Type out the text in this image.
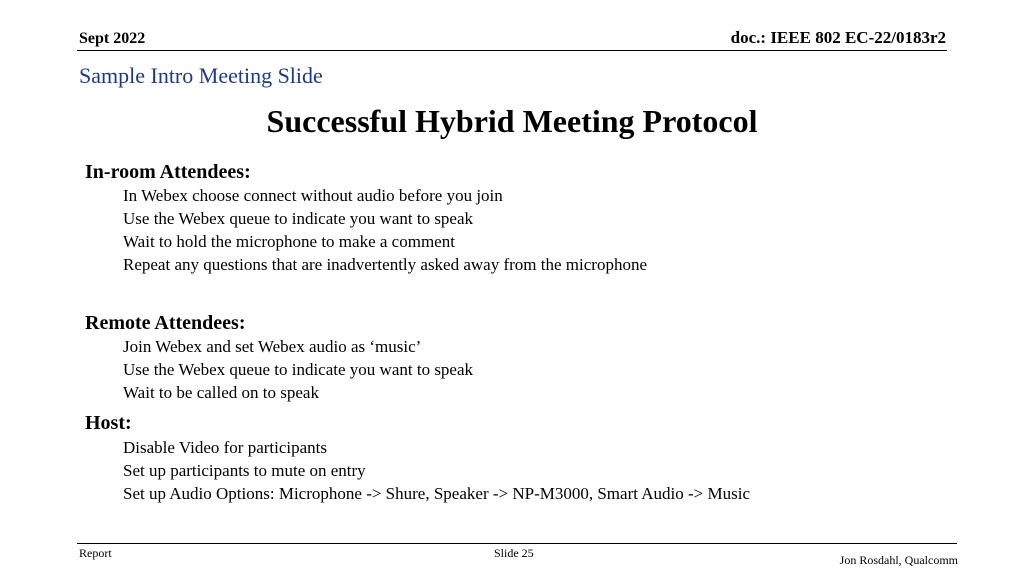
Sept 2022	doc.: IEEE 802 EC-22/0183r2
Sample Intro Meeting Slide
Successful Hybrid Meeting Protocol
In-room Attendees:
In Webex choose connect without audio before you join
Use the Webex queue to indicate you want to speak
Wait to hold the microphone to make a comment
Repeat any questions that are inadvertently asked away from the microphone
Remote Attendees:
Join Webex and set Webex audio as ‘music’
Use the Webex queue to indicate you want to speak
Wait to be called on to speak
Host:
Disable Video for participants
Set up participants to mute on entry
Set up Audio Options: Microphone -> Shure, Speaker -> NP-M3000, Smart Audio -> Music
Report	Slide 25	Jon Rosdahl, Qualcomm
